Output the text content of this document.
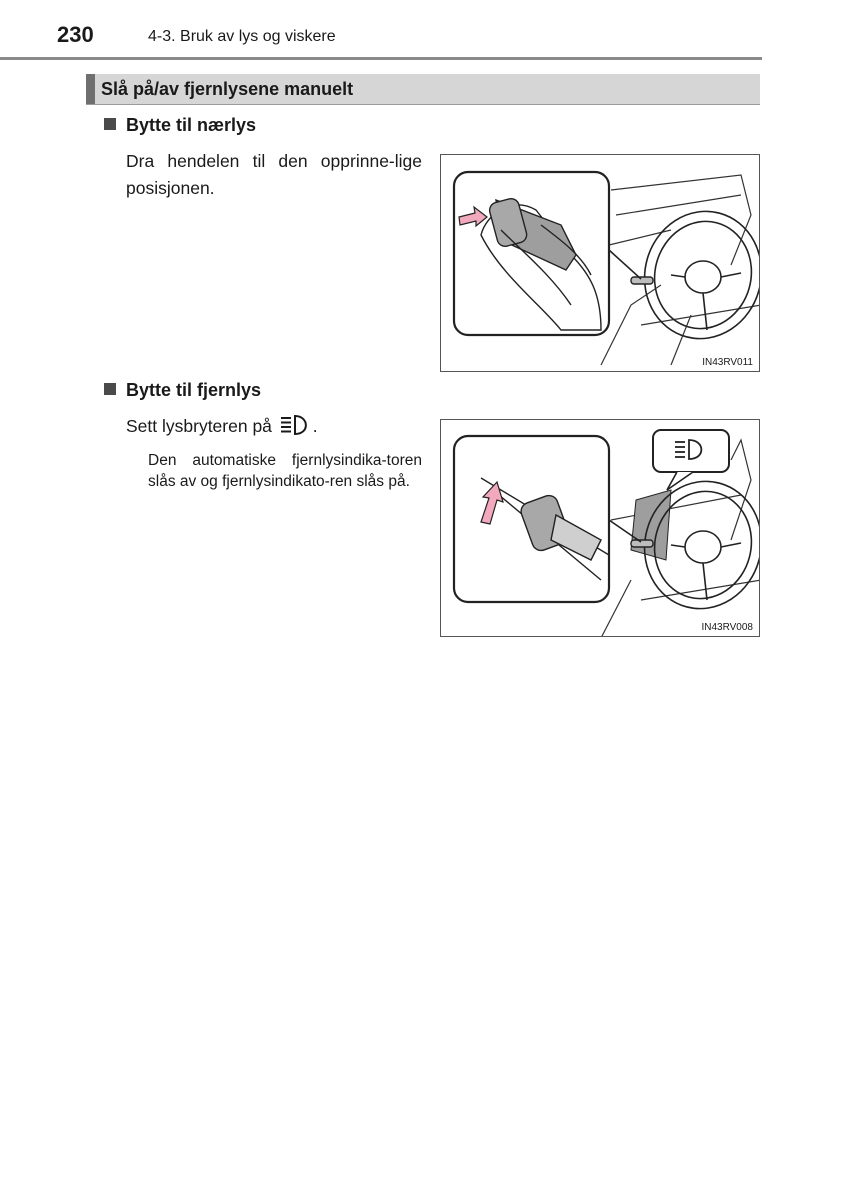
230	4-3. Bruk av lys og viskere
Slå på/av fjernlysene manuelt
Bytte til nærlys
Dra hendelen til den opprinne-lige posisjonen.
IN43RV011
Bytte til fjernlys
Sett lysbryteren på .
Den automatiske fjernlysindika-toren slås av og fjernlysindikato-ren slås på.
IN43RV008
